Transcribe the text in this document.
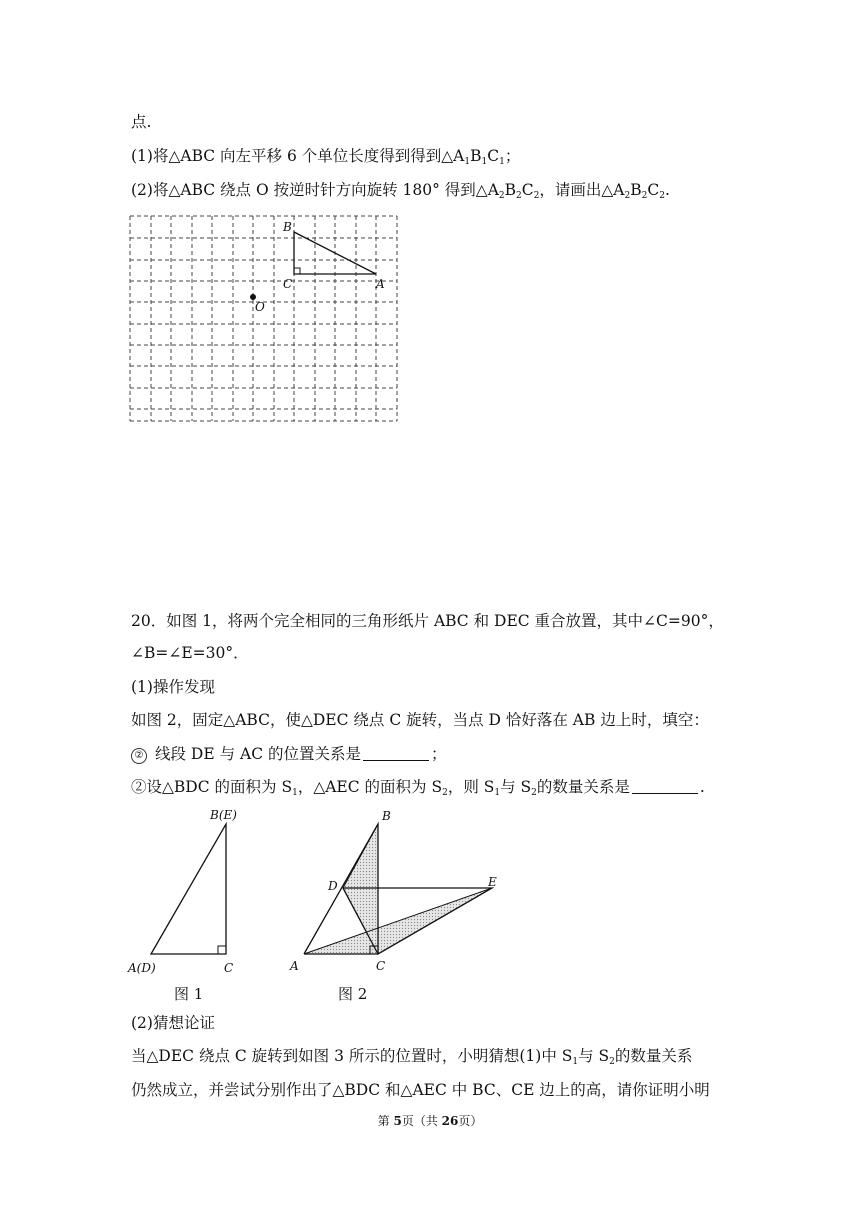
点.
(1)将△ABC 向左平移 6 个单位长度得到得到$\triangle A_1B_1C_1$；
(2)将△ABC 绕点 O 按逆时针方向旋转 180° 得到$\triangle A_2B_2C_2$，请画出$\triangle A_2B_2C_2$.
B
C	A
O
20．如图 1，将两个完全相同的三角形纸片 ABC 和 DEC 重合放置，其中∠C=90°，
∠B=∠E=30°．
(1)操作发现
如图 2，固定△ABC，使△DEC 绕点 C 旋转，当点 D 恰好落在 AB 边上时，填空：
② 线段 DE 与 AC 的位置关系是	；
②设△BDC 的面积为 $S_1$，△AEC 的面积为 $S_2$，则 $S_1$与 $S_2$的数量关系是	.
B(E)
A(D)	C
图 1
B
D	E
A	C
图 2
(2)猜想论证
当△DEC 绕点 C 旋转到如图 3 所示的位置时，小明猜想(1)中 $S_1$与 $S_2$的数量关系
仍然成立，并尝试分别作出了△BDC 和△AEC 中 BC、CE 边上的高，请你证明小明
第 5页（共 26页）
